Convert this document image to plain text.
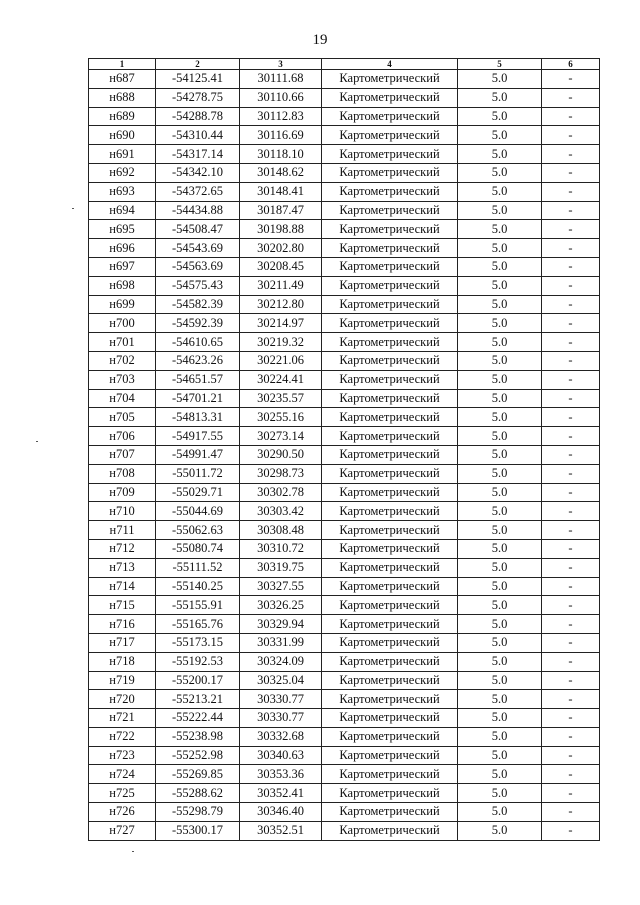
19
1	2	3	4	5	6
н687	-54125.41	30111.68	Картометрический	5.0	-
н688	-54278.75	30110.66	Картометрический	5.0	-
н689	-54288.78	30112.83	Картометрический	5.0	-
н690	-54310.44	30116.69	Картометрический	5.0	-
н691	-54317.14	30118.10	Картометрический	5.0	-
н692	-54342.10	30148.62	Картометрический	5.0	-
н693	-54372.65	30148.41	Картометрический	5.0	-
н694	-54434.88	30187.47	Картометрический	5.0	-
н695	-54508.47	30198.88	Картометрический	5.0	-
н696	-54543.69	30202.80	Картометрический	5.0	-
н697	-54563.69	30208.45	Картометрический	5.0	-
н698	-54575.43	30211.49	Картометрический	5.0	-
н699	-54582.39	30212.80	Картометрический	5.0	-
н700	-54592.39	30214.97	Картометрический	5.0	-
н701	-54610.65	30219.32	Картометрический	5.0	-
н702	-54623.26	30221.06	Картометрический	5.0	-
н703	-54651.57	30224.41	Картометрический	5.0	-
н704	-54701.21	30235.57	Картометрический	5.0	-
н705	-54813.31	30255.16	Картометрический	5.0	-
н706	-54917.55	30273.14	Картометрический	5.0	-
н707	-54991.47	30290.50	Картометрический	5.0	-
н708	-55011.72	30298.73	Картометрический	5.0	-
н709	-55029.71	30302.78	Картометрический	5.0	-
н710	-55044.69	30303.42	Картометрический	5.0	-
н711	-55062.63	30308.48	Картометрический	5.0	-
н712	-55080.74	30310.72	Картометрический	5.0	-
н713	-55111.52	30319.75	Картометрический	5.0	-
н714	-55140.25	30327.55	Картометрический	5.0	-
н715	-55155.91	30326.25	Картометрический	5.0	-
н716	-55165.76	30329.94	Картометрический	5.0	-
н717	-55173.15	30331.99	Картометрический	5.0	-
н718	-55192.53	30324.09	Картометрический	5.0	-
н719	-55200.17	30325.04	Картометрический	5.0	-
н720	-55213.21	30330.77	Картометрический	5.0	-
н721	-55222.44	30330.77	Картометрический	5.0	-
н722	-55238.98	30332.68	Картометрический	5.0	-
н723	-55252.98	30340.63	Картометрический	5.0	-
н724	-55269.85	30353.36	Картометрический	5.0	-
н725	-55288.62	30352.41	Картометрический	5.0	-
н726	-55298.79	30346.40	Картометрический	5.0	-
н727	-55300.17	30352.51	Картометрический	5.0	-
